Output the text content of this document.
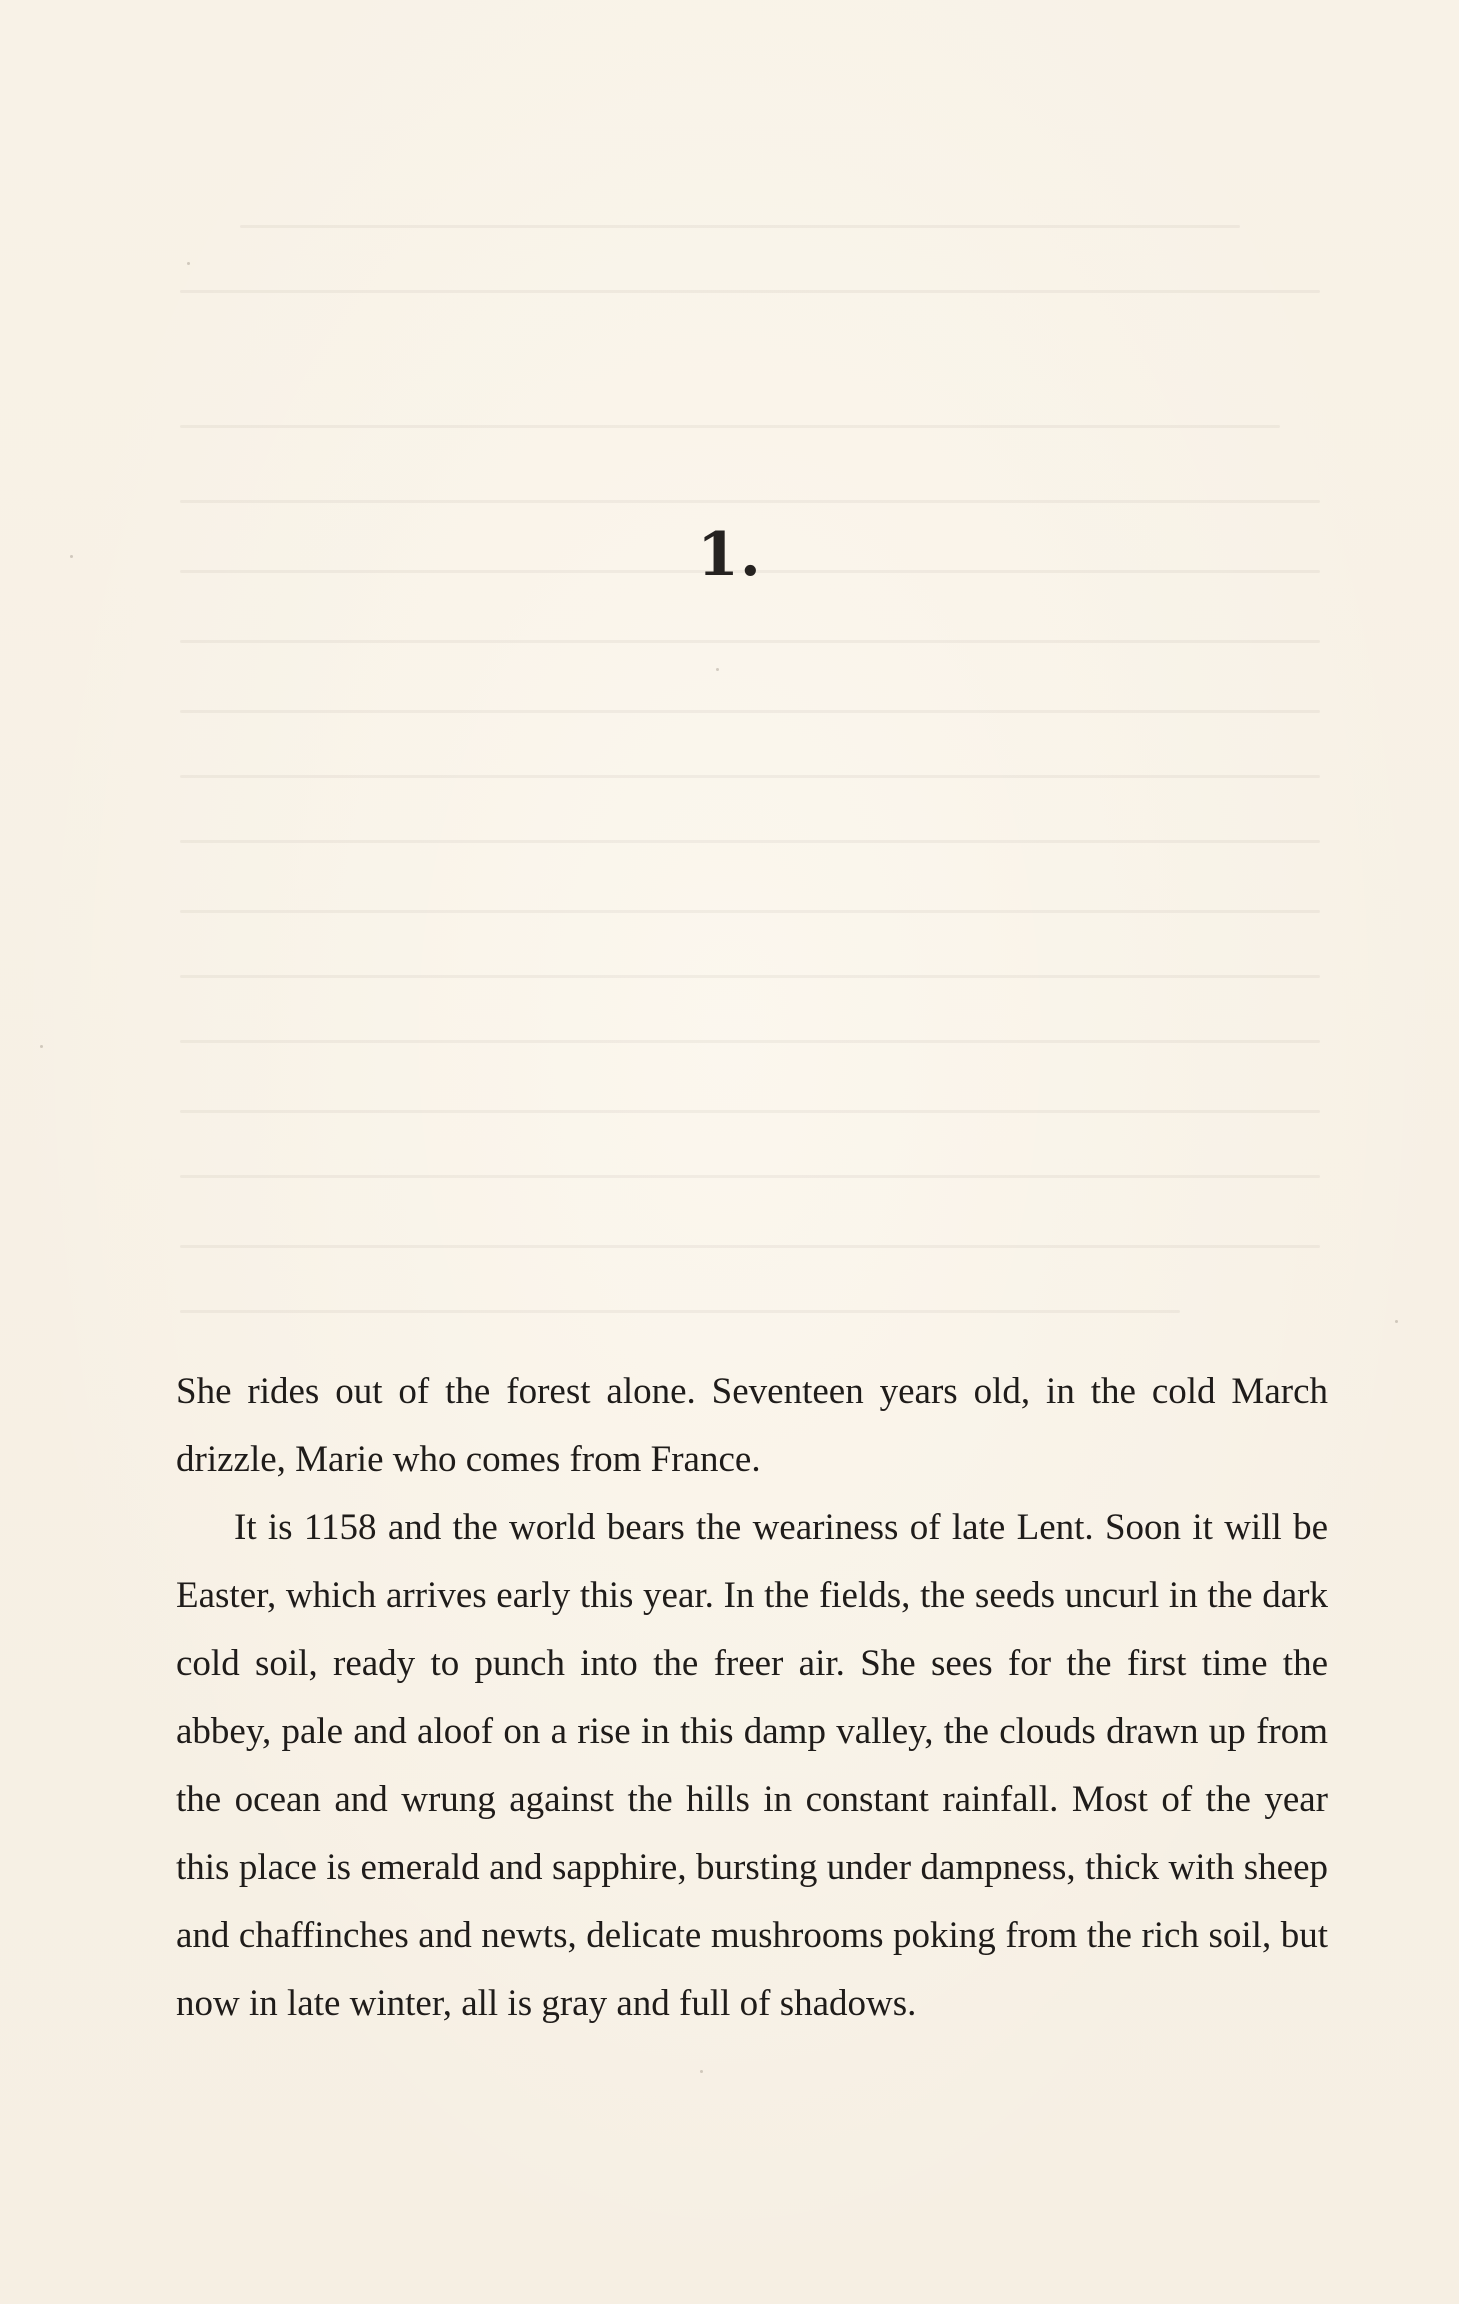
1.

She rides out of the forest alone. Seventeen years old, in the cold March drizzle, Marie who comes from France.

It is 1158 and the world bears the weariness of late Lent. Soon it will be Easter, which arrives early this year. In the fields, the seeds uncurl in the dark cold soil, ready to punch into the freer air. She sees for the first time the abbey, pale and aloof on a rise in this damp valley, the clouds drawn up from the ocean and wrung against the hills in constant rainfall. Most of the year this place is emerald and sapphire, bursting under dampness, thick with sheep and chaffinches and newts, delicate mushrooms poking from the rich soil, but now in late winter, all is gray and full of shadows.
